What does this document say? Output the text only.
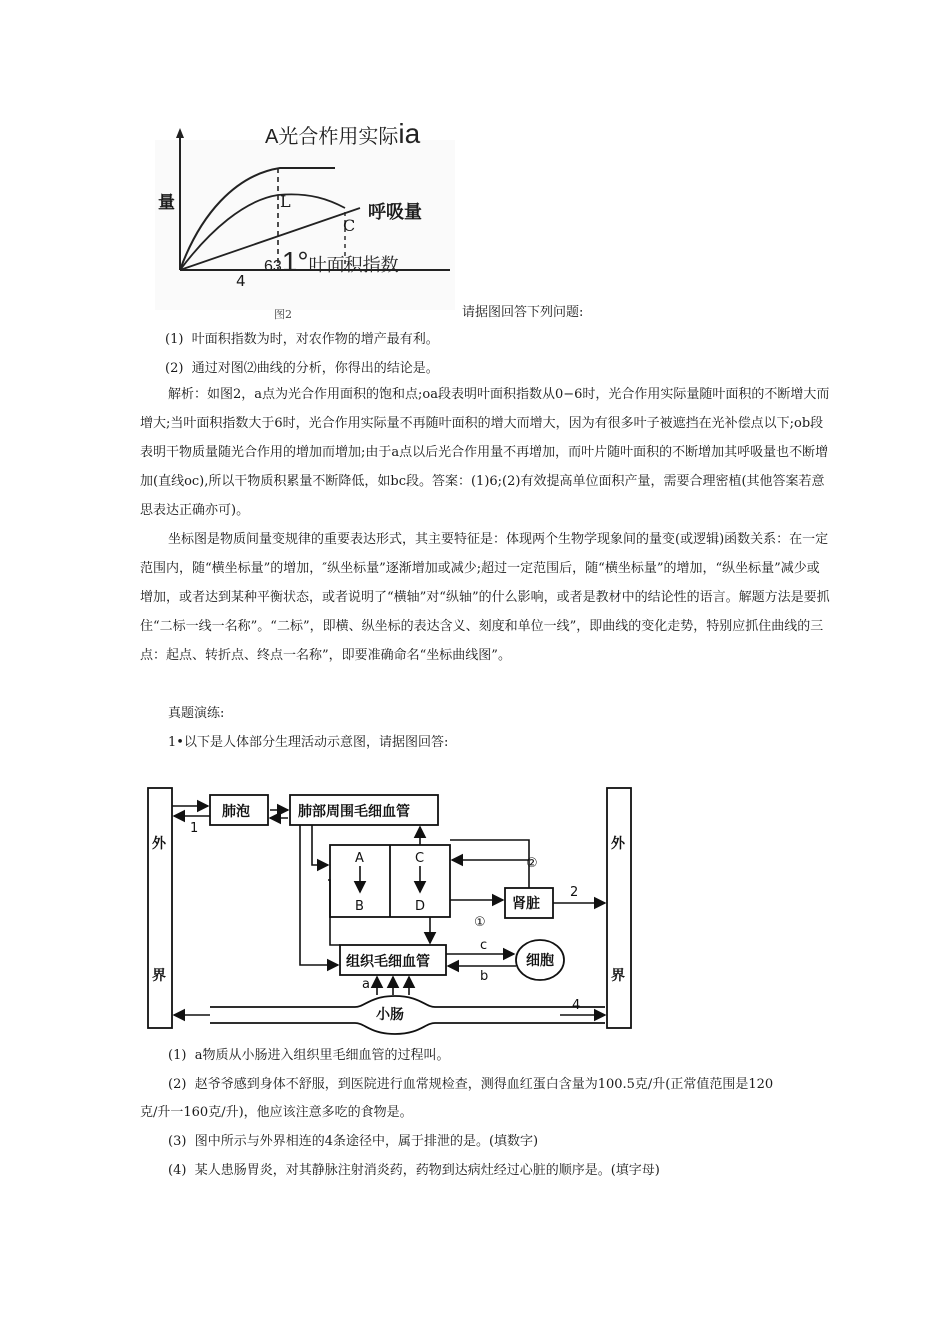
A光合柞用实际ia
量	L
C
呼吸量
631°叶面积指数
4
图2	请据图回答下列问题:
(1) 叶面积指数为时，对农作物的增产最有利。
(2) 通过对图⑵曲线的分析，你得出的结论是。

解析：如图2，a点为光合作用面积的饱和点;oa段表明叶面积指数从0−6时，光合作用实际量随叶面积的不断增大而增大;当叶面积指数大于6时，光合作用实际量不再随叶面积的增大而增大，因为有很多叶子被遮挡在光补偿点以下;ob段表明干物质量随光合作用的增加而增加;由于a点以后光合作用量不再增加，而叶片随叶面积的不断增加其呼吸量也不断增加(直线oc),所以干物质积累量不断降低，如bc段。答案：(1)6;(2)有效提高单位面积产量，需要合理密植(其他答案若意思表达正确亦可)。

坐标图是物质间量变规律的重要表达形式，其主要特征是：体现两个生物学现象间的量变(或逻辑)函数关系：在一定范围内，随“横坐标量”的增加，″纵坐标量”逐渐增加或减少;超过一定范围后，随“横坐标量”的增加，“纵坐标量”减少或增加，或者达到某种平衡状态，或者说明了“横轴”对“纵轴”的什么影响，或者是教材中的结论性的语言。解题方法是要抓住“二标一线一名称”。“二标”，即横、纵坐标的表达含义、刻度和单位一线”，即曲线的变化走势，特别应抓住曲线的三点：起点、转折点、终点一名称”，即要准确命名“坐标曲线图”。

真题演练:
1•以下是人体部分生理活动示意图，请据图回答:
外
界
外
界
肺泡	肺部周围毛细血管
肾脏
组织毛细血管	细胞
小肠
A
B
C
D
1
2
4
①
②
a
b
c
(1) a物质从小肠进入组织里毛细血管的过程叫。
(2) 赵爷爷感到身体不舒服，到医院进行血常规检查，测得血红蛋白含量为100.5克/升(正常值范围是120
克/升一160克/升)，他应该注意多吃的食物是。
(3) 图中所示与外界相连的4条途径中，属于排泄的是。(填数字)
(4) 某人患肠胃炎，对其静脉注射消炎药，药物到达病灶经过心脏的顺序是。(填字母)
